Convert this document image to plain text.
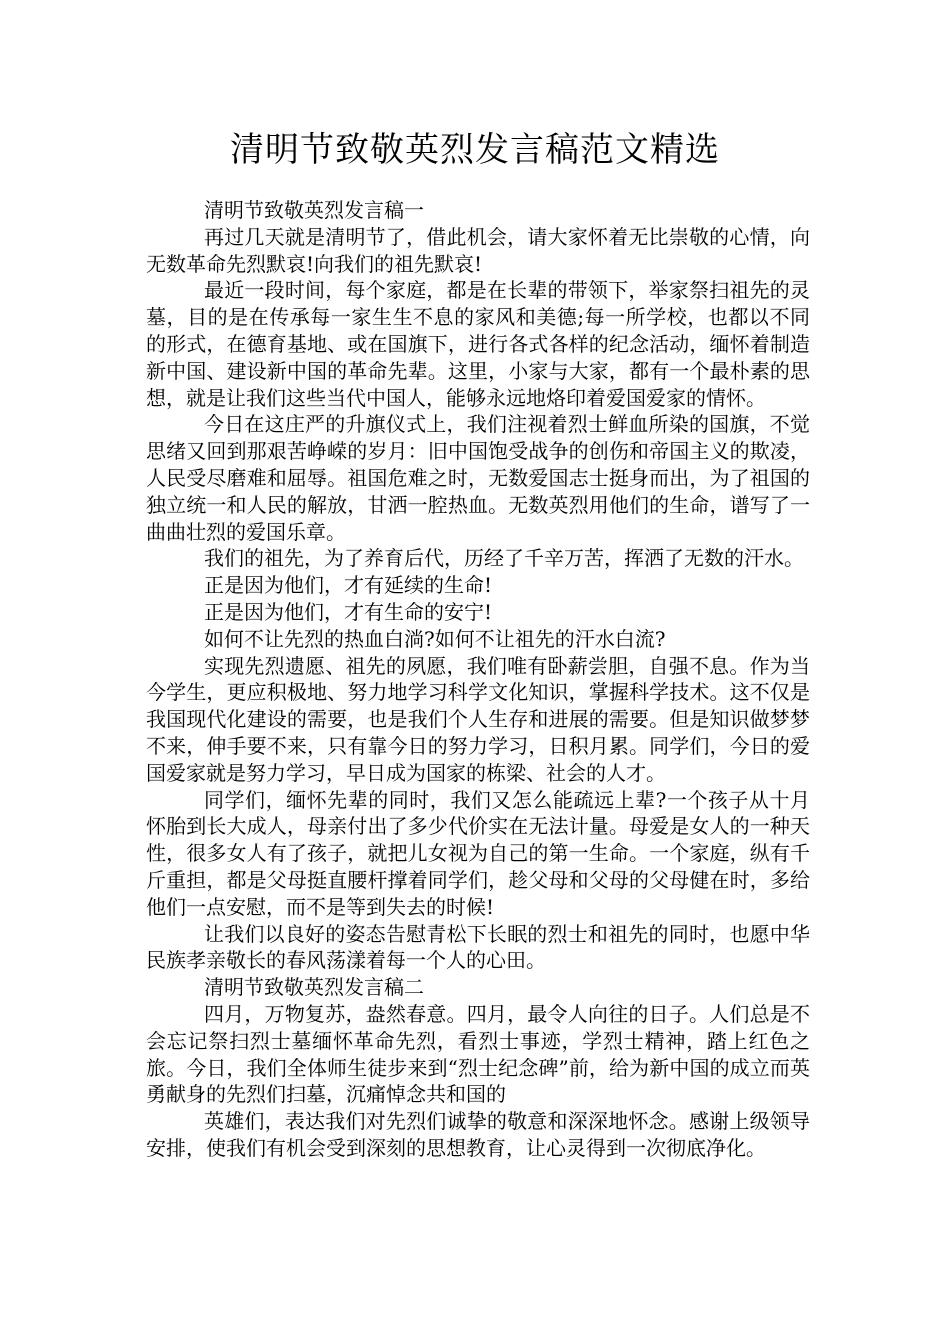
清明节致敬英烈发言稿范文精选

清明节致敬英烈发言稿一

再过几天就是清明节了，借此机会，请大家怀着无比崇敬的心情，向无数革命先烈默哀!向我们的祖先默哀!

最近一段时间，每个家庭，都是在长辈的带领下，举家祭扫祖先的灵墓，目的是在传承每一家生生不息的家风和美德;每一所学校，也都以不同的形式，在德育基地、或在国旗下，进行各式各样的纪念活动，缅怀着制造新中国、建设新中国的革命先辈。这里，小家与大家，都有一个最朴素的思想，就是让我们这些当代中国人，能够永远地烙印着爱国爱家的情怀。

今日在这庄严的升旗仪式上，我们注视着烈士鲜血所染的国旗，不觉思绪又回到那艰苦峥嵘的岁月：旧中国饱受战争的创伤和帝国主义的欺凌，人民受尽磨难和屈辱。祖国危难之时，无数爱国志士挺身而出，为了祖国的独立统一和人民的解放，甘洒一腔热血。无数英烈用他们的生命，谱写了一曲曲壮烈的爱国乐章。

我们的祖先，为了养育后代，历经了千辛万苦，挥洒了无数的汗水。

正是因为他们，才有延续的生命!

正是因为他们，才有生命的安宁!

如何不让先烈的热血白淌?如何不让祖先的汗水白流?

实现先烈遗愿、祖先的夙愿，我们唯有卧薪尝胆，自强不息。作为当今学生，更应积极地、努力地学习科学文化知识，掌握科学技术。这不仅是我国现代化建设的需要，也是我们个人生存和进展的需要。但是知识做梦梦不来，伸手要不来，只有靠今日的努力学习，日积月累。同学们，今日的爱国爱家就是努力学习，早日成为国家的栋梁、社会的人才。

同学们，缅怀先辈的同时，我们又怎么能疏远上辈?一个孩子从十月怀胎到长大成人，母亲付出了多少代价实在无法计量。母爱是女人的一种天性，很多女人有了孩子，就把儿女视为自己的第一生命。一个家庭，纵有千斤重担，都是父母挺直腰杆撑着同学们，趁父母和父母的父母健在时，多给他们一点安慰，而不是等到失去的时候!

让我们以良好的姿态告慰青松下长眠的烈士和祖先的同时，也愿中华民族孝亲敬长的春风荡漾着每一个人的心田。

清明节致敬英烈发言稿二

四月，万物复苏，盎然春意。四月，最令人向往的日子。人们总是不会忘记祭扫烈士墓缅怀革命先烈，看烈士事迹，学烈士精神，踏上红色之旅。今日，我们全体师生徒步来到“烈士纪念碑”前，给为新中国的成立而英勇献身的先烈们扫墓，沉痛悼念共和国的

英雄们，表达我们对先烈们诚挚的敬意和深深地怀念。感谢上级领导安排，使我们有机会受到深刻的思想教育，让心灵得到一次彻底净化。
